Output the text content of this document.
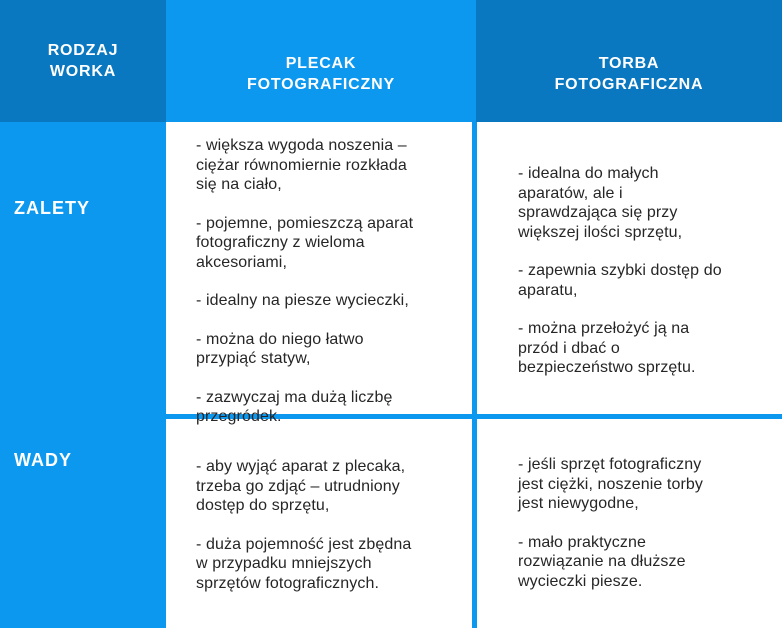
RODZAJ
WORKA	PLECAK
FOTOGRAFICZNY
TORBA
FOTOGRAFICZNA
ZALETY
WADY

- większa wygoda noszenia –
ciężar równomiernie rozkłada
się na ciało,

- pojemne, pomieszczą aparat
fotograficzny z wieloma
akcesoriami,

- idealny na piesze wycieczki,

- można do niego łatwo
przypiąć statyw,

- zazwyczaj ma dużą liczbę
przegródek.

- idealna do małych
aparatów, ale i
sprawdzająca się przy
większej ilości sprzętu,

- zapewnia szybki dostęp do
aparatu,

- można przełożyć ją na
przód i dbać o
bezpieczeństwo sprzętu.

- aby wyjąć aparat z plecaka,
trzeba go zdjąć – utrudniony
dostęp do sprzętu,

- duża pojemność jest zbędna
w przypadku mniejszych
sprzętów fotograficznych.

- jeśli sprzęt fotograficzny
jest ciężki, noszenie torby
jest niewygodne,

- mało praktyczne
rozwiązanie na dłuższe
wycieczki piesze.
